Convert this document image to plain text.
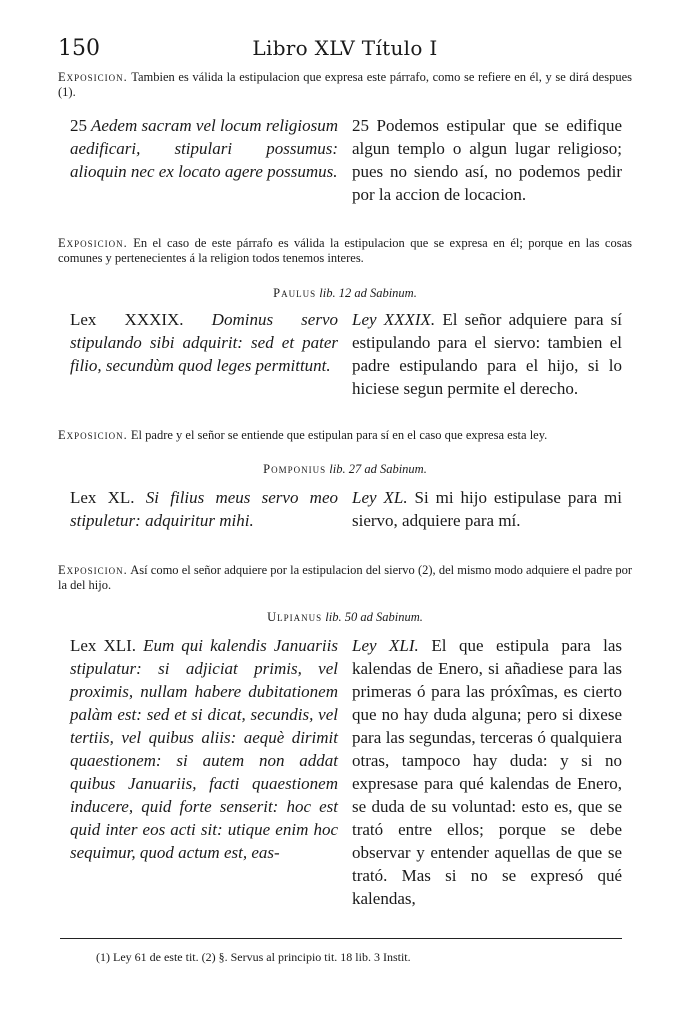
150	Libro XLV Título I
Exposicion. Tambien es válida la estipulacion que expresa este párrafo, como se refiere en él, y se dirá despues (1).
25 Aedem sacram vel locum religiosum aedificari, stipulari possumus: alioquin nec ex locato agere possumus.
25 Podemos estipular que se edifique algun templo o algun lugar religioso; pues no siendo así, no podemos pedir por la accion de locacion.
Exposicion. En el caso de este párrafo es válida la estipulacion que se expresa en él; porque en las cosas comunes y pertenecientes á la religion todos tenemos interes.
Paulus lib. 12 ad Sabinum.
Lex XXXIX. Dominus servo stipulando sibi adquirit: sed et pater filio, secundùm quod leges permittunt.
Ley XXXIX. El señor adquiere para sí estipulando para el siervo: tambien el padre estipulando para el hijo, si lo hiciese segun permite el derecho.
Exposicion. El padre y el señor se entiende que estipulan para sí en el caso que expresa esta ley.
Pomponius lib. 27 ad Sabinum.
Lex XL. Si filius meus servo meo stipuletur: adquiritur mihi.
Ley XL. Si mi hijo estipulase para mi siervo, adquiere para mí.
Exposicion. Así como el señor adquiere por la estipulacion del siervo (2), del mismo modo adquiere el padre por la del hijo.
Ulpianus lib. 50 ad Sabinum.
Lex XLI. Eum qui kalendis Januariis stipulatur: si adjiciat primis, vel proximis, nullam habere dubitationem palàm est: sed et si dicat, secundis, vel tertiis, vel quibus aliis: aequè dirimit quaestionem: si autem non addat quibus Januariis, facti quaestionem inducere, quid forte senserit: hoc est quid inter eos acti sit: utique enim hoc sequimur, quod actum est, eas-
Ley XLI. El que estipula para las kalendas de Enero, si añadiese para las primeras ó para las próxîmas, es cierto que no hay duda alguna; pero si dixese para las segundas, terceras ó qualquiera otras, tampoco hay duda: y si no expresase para qué kalendas de Enero, se duda de su voluntad: esto es, que se trató entre ellos; porque se debe observar y entender aquellas de que se trató. Mas si no se expresó qué kalendas,
(1) Ley 61 de este tit. (2) §. Servus al principio tit. 18 lib. 3 Instit.
